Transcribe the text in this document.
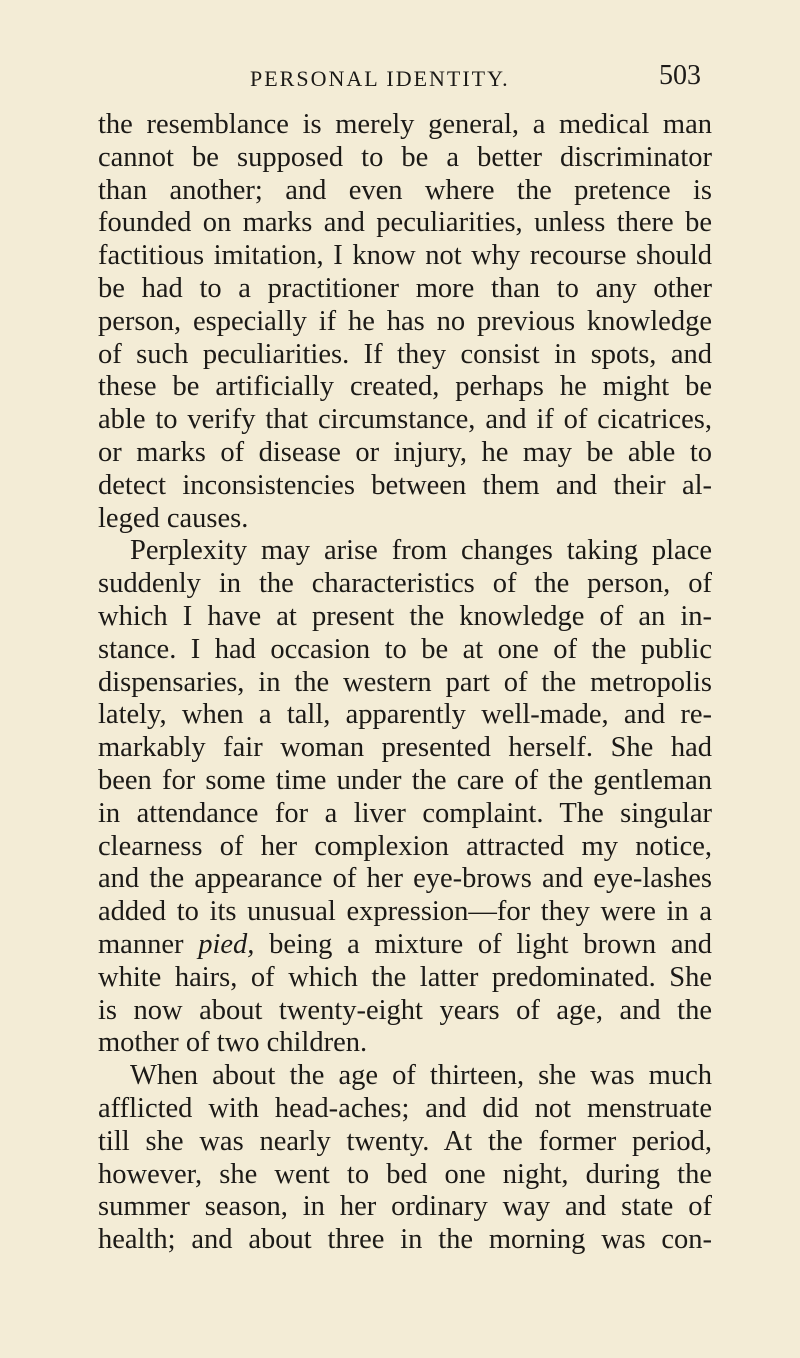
PERSONAL IDENTITY.	503
the resemblance is merely general, a medical man
cannot be supposed to be a better discriminator
than another; and even where the pretence is
founded on marks and peculiarities, unless there be
factitious imitation, I know not why recourse should
be had to a practitioner more than to any other
person, especially if he has no previous knowledge
of such peculiarities. If they consist in spots, and
these be artificially created, perhaps he might be
able to verify that circumstance, and if of cicatrices,
or marks of disease or injury, he may be able to
detect inconsistencies between them and their al-
leged causes.
Perplexity may arise from changes taking place
suddenly in the characteristics of the person, of
which I have at present the knowledge of an in-
stance. I had occasion to be at one of the public
dispensaries, in the western part of the metropolis
lately, when a tall, apparently well-made, and re-
markably fair woman presented herself. She had
been for some time under the care of the gentleman
in attendance for a liver complaint. The singular
clearness of her complexion attracted my notice,
and the appearance of her eye-brows and eye-lashes
added to its unusual expression—for they were in a
manner pied, being a mixture of light brown and
white hairs, of which the latter predominated. She
is now about twenty-eight years of age, and the
mother of two children.
When about the age of thirteen, she was much
afflicted with head-aches; and did not menstruate
till she was nearly twenty. At the former period,
however, she went to bed one night, during the
summer season, in her ordinary way and state of
health; and about three in the morning was con-
